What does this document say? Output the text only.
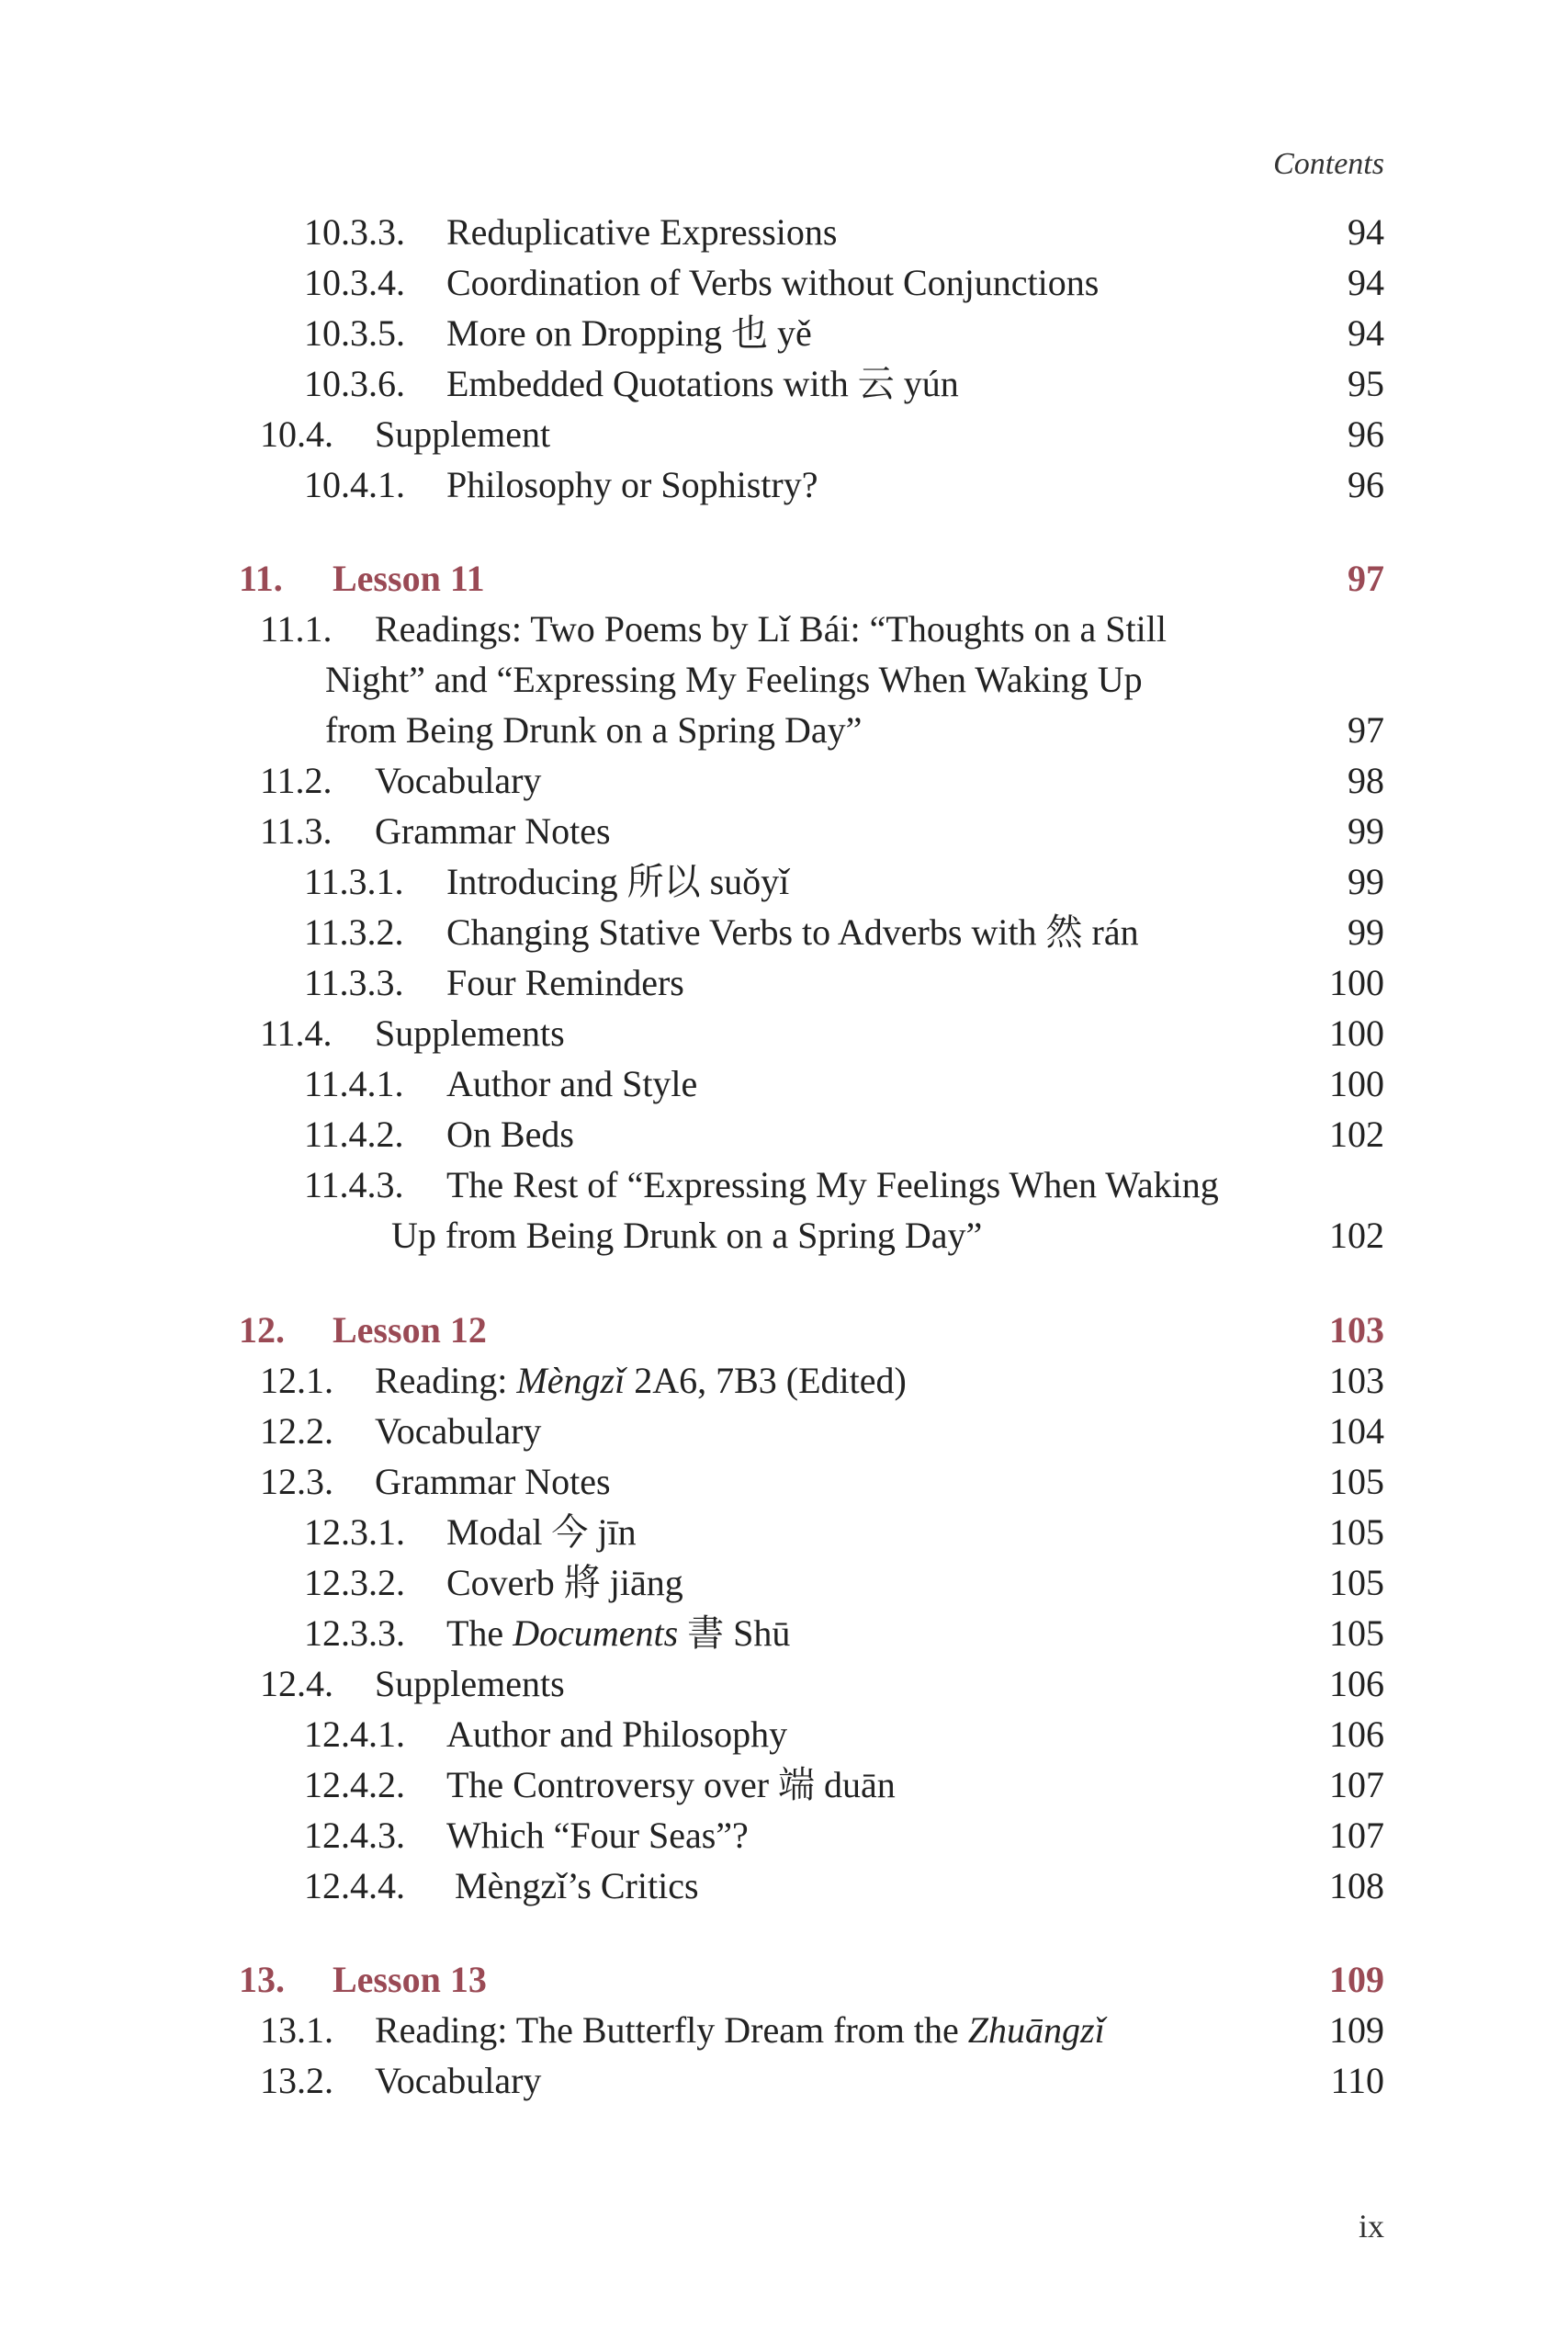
Contents
10.3.3. Reduplicative Expressions	94
10.3.4. Coordination of Verbs without Conjunctions	94
10.3.5. More on Dropping 也 yě	94
10.3.6. Embedded Quotations with 云 yún	95
10.4. Supplement	96
10.4.1. Philosophy or Sophistry?	96
11. Lesson 11	97
11.1. Readings: Two Poems by Lǐ Bái: “Thoughts on a Still
Night” and “Expressing My Feelings When Waking Up
from Being Drunk on a Spring Day”	97
11.2. Vocabulary	98
11.3. Grammar Notes	99
11.3.1. Introducing 所以 suǒyǐ	99
11.3.2. Changing Stative Verbs to Adverbs with 然 rán	99
11.3.3. Four Reminders	100
11.4. Supplements	100
11.4.1. Author and Style	100
11.4.2. On Beds	102
11.4.3. The Rest of “Expressing My Feelings When Waking
Up from Being Drunk on a Spring Day”	102
12. Lesson 12	103
12.1. Reading: Mèngzǐ 2A6, 7B3 (Edited)	103
12.2. Vocabulary	104
12.3. Grammar Notes	105
12.3.1. Modal 今 jīn	105
12.3.2. Coverb 將 jiāng	105
12.3.3. The Documents 書 Shū	105
12.4. Supplements	106
12.4.1. Author and Philosophy	106
12.4.2. The Controversy over 端 duān	107
12.4.3. Which “Four Seas”?	107
12.4.4. Mèngzǐ’s Critics	108
13. Lesson 13	109
13.1. Reading: The Butterfly Dream from the Zhuāngzǐ	109
13.2. Vocabulary	110
ix
